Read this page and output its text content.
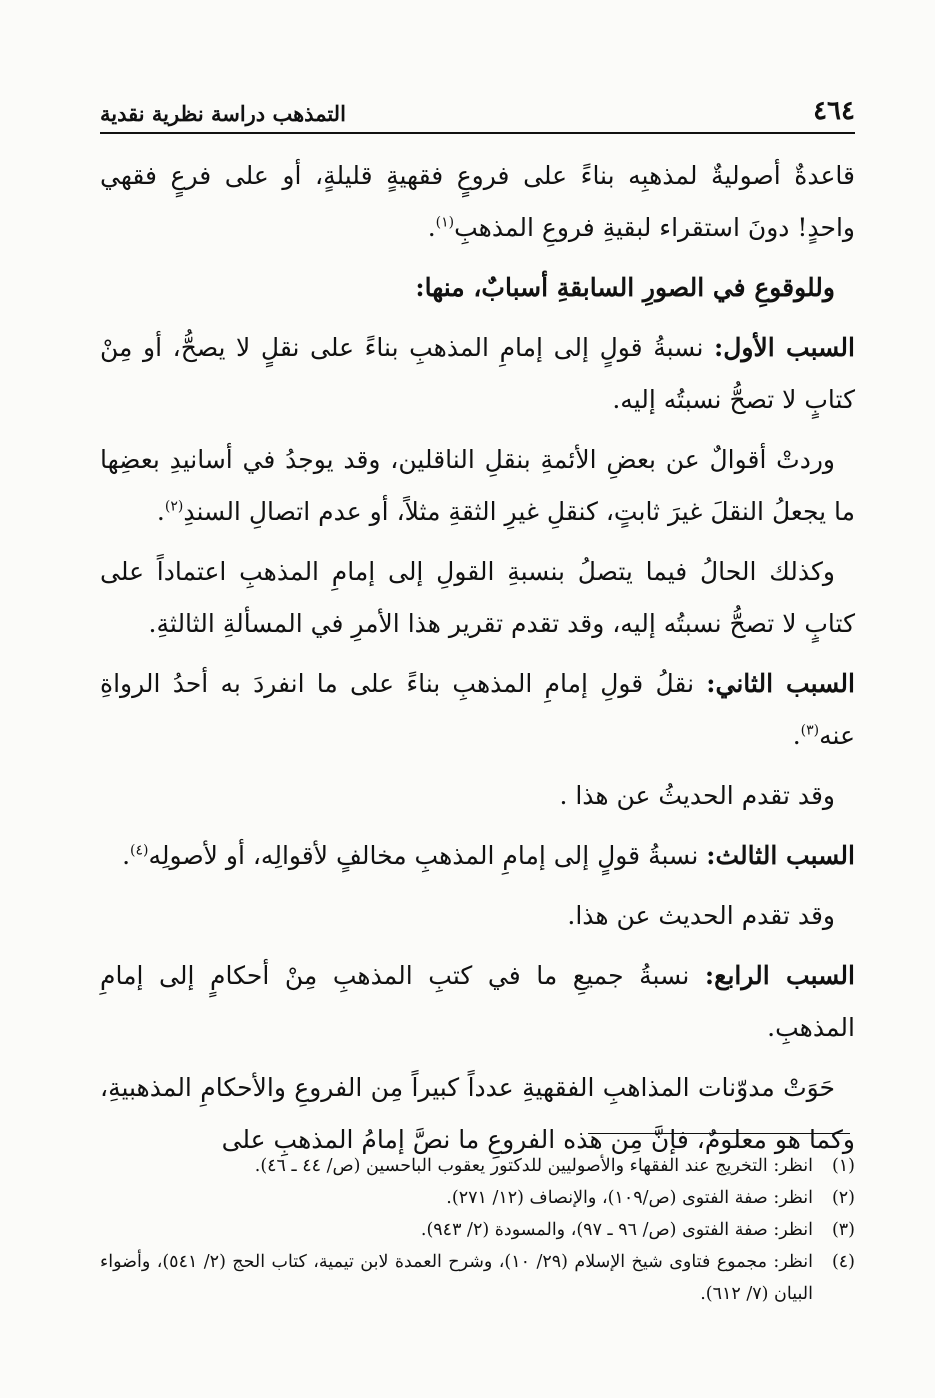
التمذهب دراسة نظرية نقدية	٤٦٤

قاعدةٌ أصوليةٌ لمذهبِه بناءً على فروعٍ فقهيةٍ قليلةٍ، أو على فرعٍ فقهي واحدٍ! دونَ استقراء لبقيةِ فروعِ المذهبِ$^{(١)}$.

وللوقوعِ في الصورِ السابقةِ أسبابٌ، منها:

السبب الأول: نسبةُ قولٍ إلى إمامِ المذهبِ بناءً على نقلٍ لا يصحُّ، أو مِنْ كتابٍ لا تصحُّ نسبتُه إليه.

وردتْ أقوالٌ عن بعضِ الأئمةِ بنقلِ الناقلين، وقد يوجدُ في أسانيدِ بعضِها ما يجعلُ النقلَ غيرَ ثابتٍ، كنقلِ غيرِ الثقةِ مثلاً، أو عدم اتصالِ السندِ$^{(٢)}$.

وكذلك الحالُ فيما يتصلُ بنسبةِ القولِ إلى إمامِ المذهبِ اعتماداً على كتابٍ لا تصحُّ نسبتُه إليه، وقد تقدم تقرير هذا الأمرِ في المسألةِ الثالثةِ.

السبب الثاني: نقلُ قولِ إمامِ المذهبِ بناءً على ما انفردَ به أحدُ الرواةِ عنه$^{(٣)}$.

وقد تقدم الحديثُ عن هذا .

السبب الثالث: نسبةُ قولٍ إلى إمامِ المذهبِ مخالفٍ لأقوالِه، أو لأصولِه$^{(٤)}$.

وقد تقدم الحديث عن هذا.

السبب الرابع: نسبةُ جميعِ ما في كتبِ المذهبِ مِنْ أحكامٍ إلى إمامِ المذهبِ.

حَوَتْ مدوّنات المذاهبِ الفقهيةِ عدداً كبيراً مِن الفروعِ والأحكامِ المذهبيةِ، وكما هو معلومٌ، فإنَّ مِن هذه الفروعِ ما نصَّ إمامُ المذهبِ على

(١)
انظر: التخريج عند الفقهاء والأصوليين للدكتور يعقوب الباحسين (ص/ ٤٤ ـ ٤٦).
(٢)
انظر: صفة الفتوى (ص/١٠٩)، والإنصاف (١٢/ ٢٧١).
(٣)
انظر: صفة الفتوى (ص/ ٩٦ ـ ٩٧)، والمسودة (٢/ ٩٤٣).
(٤)
انظر: مجموع فتاوى شيخ الإسلام (٢٩/ ١٠)، وشرح العمدة لابن تيمية، كتاب الحج (٢/ ٥٤١)، وأضواء البيان (٧/ ٦١٢).
